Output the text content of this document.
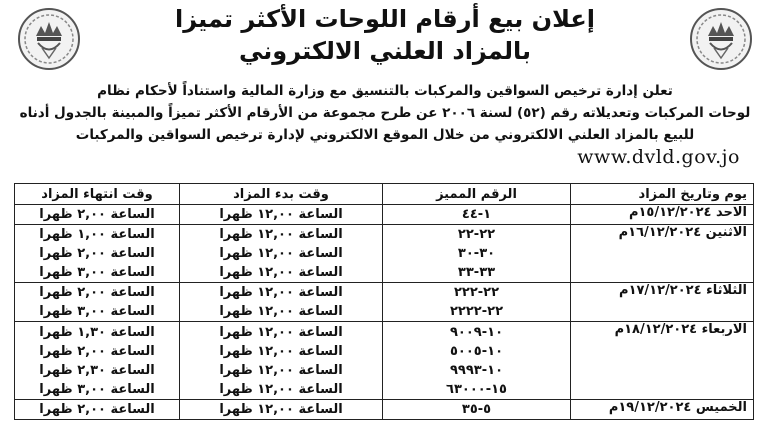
إعلان بيع أرقام اللوحات الأكثر تميزا
بالمزاد العلني الالكتروني
تعلن إدارة ترخيص السواقين والمركبات بالتنسيق مع وزارة المالية واستناداً لأحكام نظام
لوحات المركبات وتعديلاته رقم (٥٢) لسنة ٢٠٠٦ عن طرح مجموعة من الأرقام الأكثر تميزاً والمبينة بالجدول أدناه
للبيع بالمزاد العلني الالكتروني من خلال الموقع الالكتروني لإدارة ترخيص السواقين والمركبات
www.dvld.gov.jo
يوم وتاريخ المزاد	الرقم المميز	وقت بدء المزاد	وقت انتهاء المزاد
الاحد ١٥/١٢/٢٠٢٤م	١-٤٤	الساعة ١٢,٠٠ ظهرا	الساعة ٢,٠٠ ظهرا
الاثنين ١٦/١٢/٢٠٢٤م	٢٢-٢٢	الساعة ١٢,٠٠ ظهرا	الساعة ١,٠٠ ظهرا
	٣٠-٣٠	الساعة ١٢,٠٠ ظهرا	الساعة ٢,٠٠ ظهرا
	٣٣-٣٣	الساعة ١٢,٠٠ ظهرا	الساعة ٣,٠٠ ظهرا
الثلاثاء ١٧/١٢/٢٠٢٤م	٢٢-٢٢٢	الساعة ١٢,٠٠ ظهرا	الساعة ٢,٠٠ ظهرا
	٢٢-٢٢٢٢	الساعة ١٢,٠٠ ظهرا	الساعة ٣,٠٠ ظهرا
الاربعاء ١٨/١٢/٢٠٢٤م	١٠-٩٠٠٩	الساعة ١٢,٠٠ ظهرا	الساعة ١,٣٠ ظهرا
	١٠-٥٠٠٥	الساعة ١٢,٠٠ ظهرا	الساعة ٢,٠٠ ظهرا
	١٠-٩٩٩٣	الساعة ١٢,٠٠ ظهرا	الساعة ٢,٣٠ ظهرا
	١٥-٦٣٠٠٠	الساعة ١٢,٠٠ ظهرا	الساعة ٣,٠٠ ظهرا
الخميس ١٩/١٢/٢٠٢٤م	٥-٣٥	الساعة ١٢,٠٠ ظهرا	الساعة ٢,٠٠ ظهرا
